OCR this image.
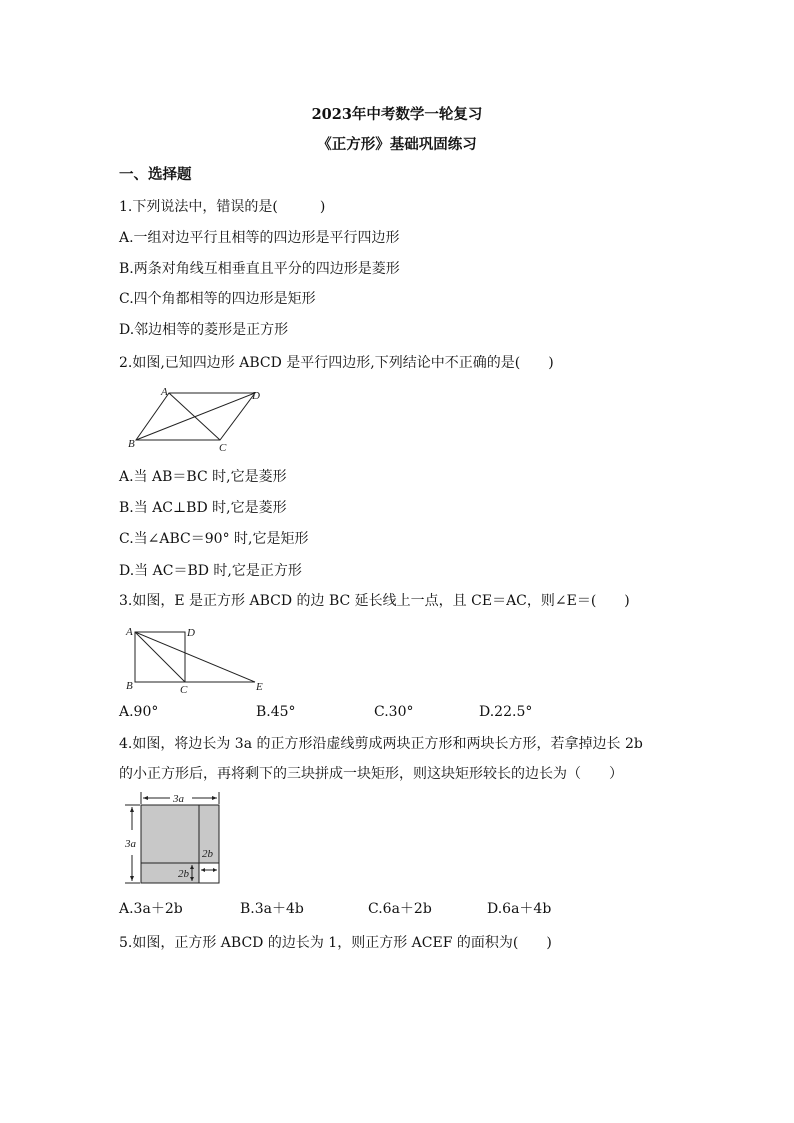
2023年中考数学一轮复习
《正方形》基础巩固练习
一、选择题
1.下列说法中，错误的是(　　　)
A.一组对边平行且相等的四边形是平行四边形
B.两条对角线互相垂直且平分的四边形是菱形
C.四个角都相等的四边形是矩形
D.邻边相等的菱形是正方形
2.如图,已知四边形 ABCD 是平行四边形,下列结论中不正确的是(　　)
A	D
B	C
A.当 AB＝BC 时,它是菱形
B.当 AC⊥BD 时,它是菱形
C.当∠ABC＝90° 时,它是矩形
D.当 AC＝BD 时,它是正方形
3.如图，E 是正方形 ABCD 的边 BC 延长线上一点，且 CE＝AC，则∠E＝(　　)
A	D
B	C	E
A.90°	B.45°	C.30°	D.22.5°
4.如图，将边长为 3a 的正方形沿虚线剪成两块正方形和两块长方形，若拿掉边长 2b
的小正方形后，再将剩下的三块拼成一块矩形，则这块矩形较长的边长为（　　）
3a
3a
2b
2b
A.3a＋2b	B.3a＋4b	C.6a＋2b	D.6a＋4b
5.如图，正方形 ABCD 的边长为 1，则正方形 ACEF 的面积为(　　)
